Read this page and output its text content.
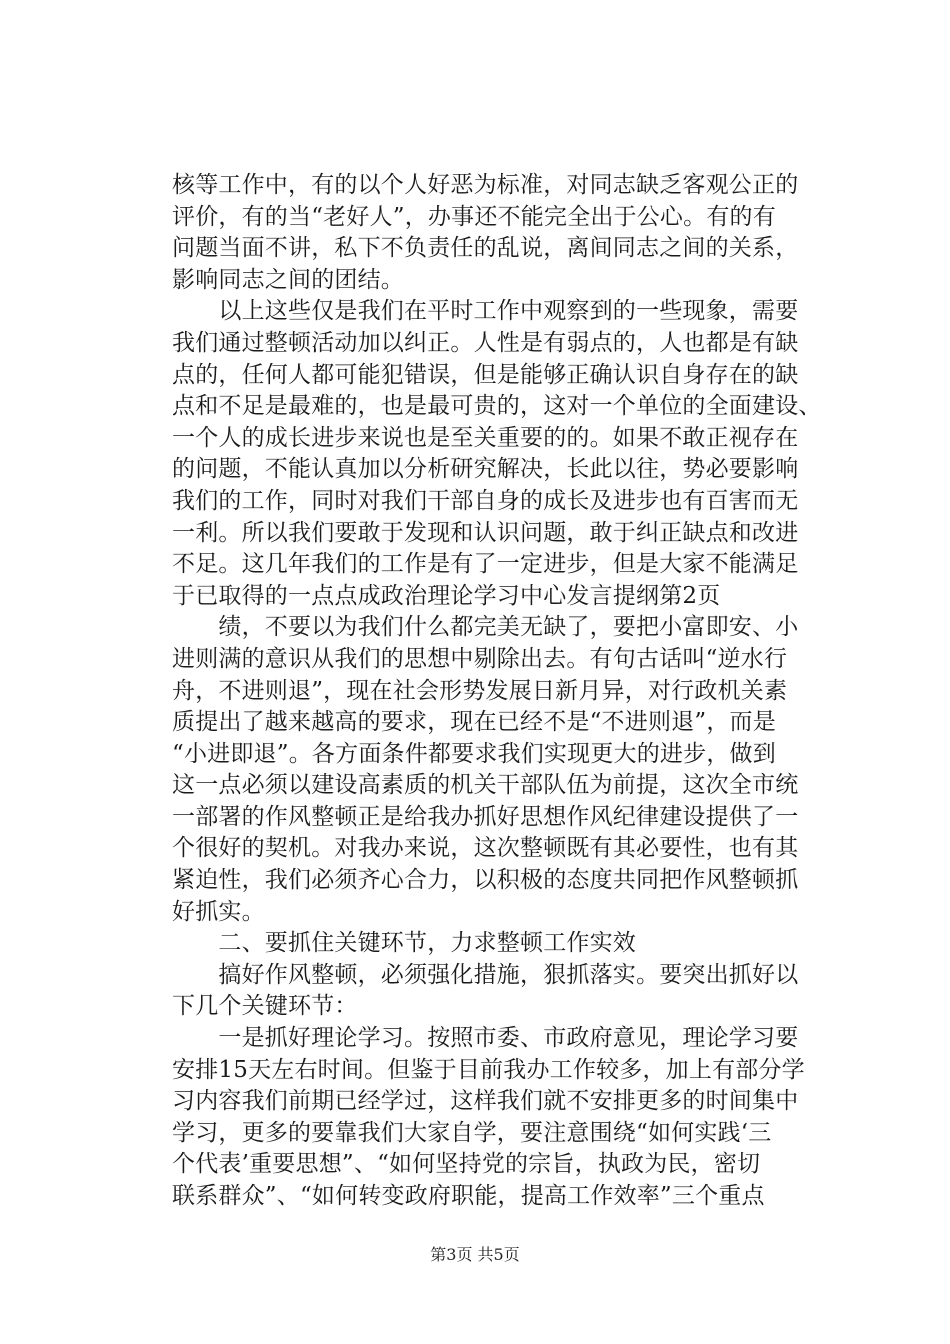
核等工作中，有的以个人好恶为标准，对同志缺乏客观公正的
评价，有的当“老好人”，办事还不能完全出于公心。有的有
问题当面不讲，私下不负责任的乱说，离间同志之间的关系，
影响同志之间的团结。
　　以上这些仅是我们在平时工作中观察到的一些现象，需要
我们通过整顿活动加以纠正。人性是有弱点的，人也都是有缺
点的，任何人都可能犯错误，但是能够正确认识自身存在的缺
点和不足是最难的，也是最可贵的，这对一个单位的全面建设、
一个人的成长进步来说也是至关重要的的。如果不敢正视存在
的问题，不能认真加以分析研究解决，长此以往，势必要影响
我们的工作，同时对我们干部自身的成长及进步也有百害而无
一利。所以我们要敢于发现和认识问题，敢于纠正缺点和改进
不足。这几年我们的工作是有了一定进步，但是大家不能满足
于已取得的一点点成政治理论学习中心发言提纲第2页
　　绩，不要以为我们什么都完美无缺了，要把小富即安、小
进则满的意识从我们的思想中剔除出去。有句古话叫“逆水行
舟，不进则退”，现在社会形势发展日新月异，对行政机关素
质提出了越来越高的要求，现在已经不是“不进则退”，而是
“小进即退”。各方面条件都要求我们实现更大的进步，做到
这一点必须以建设高素质的机关干部队伍为前提，这次全市统
一部署的作风整顿正是给我办抓好思想作风纪律建设提供了一
个很好的契机。对我办来说，这次整顿既有其必要性，也有其
紧迫性，我们必须齐心合力，以积极的态度共同把作风整顿抓
好抓实。
　　二、要抓住关键环节，力求整顿工作实效
　　搞好作风整顿，必须强化措施，狠抓落实。要突出抓好以
下几个关键环节：
　　一是抓好理论学习。按照市委、市政府意见，理论学习要
安排15天左右时间。但鉴于目前我办工作较多，加上有部分学
习内容我们前期已经学过，这样我们就不安排更多的时间集中
学习，更多的要靠我们大家自学，要注意围绕“如何实践‘三
个代表’重要思想”、“如何坚持党的宗旨，执政为民，密切
联系群众”、“如何转变政府职能，提高工作效率”三个重点
第3页 共5页
